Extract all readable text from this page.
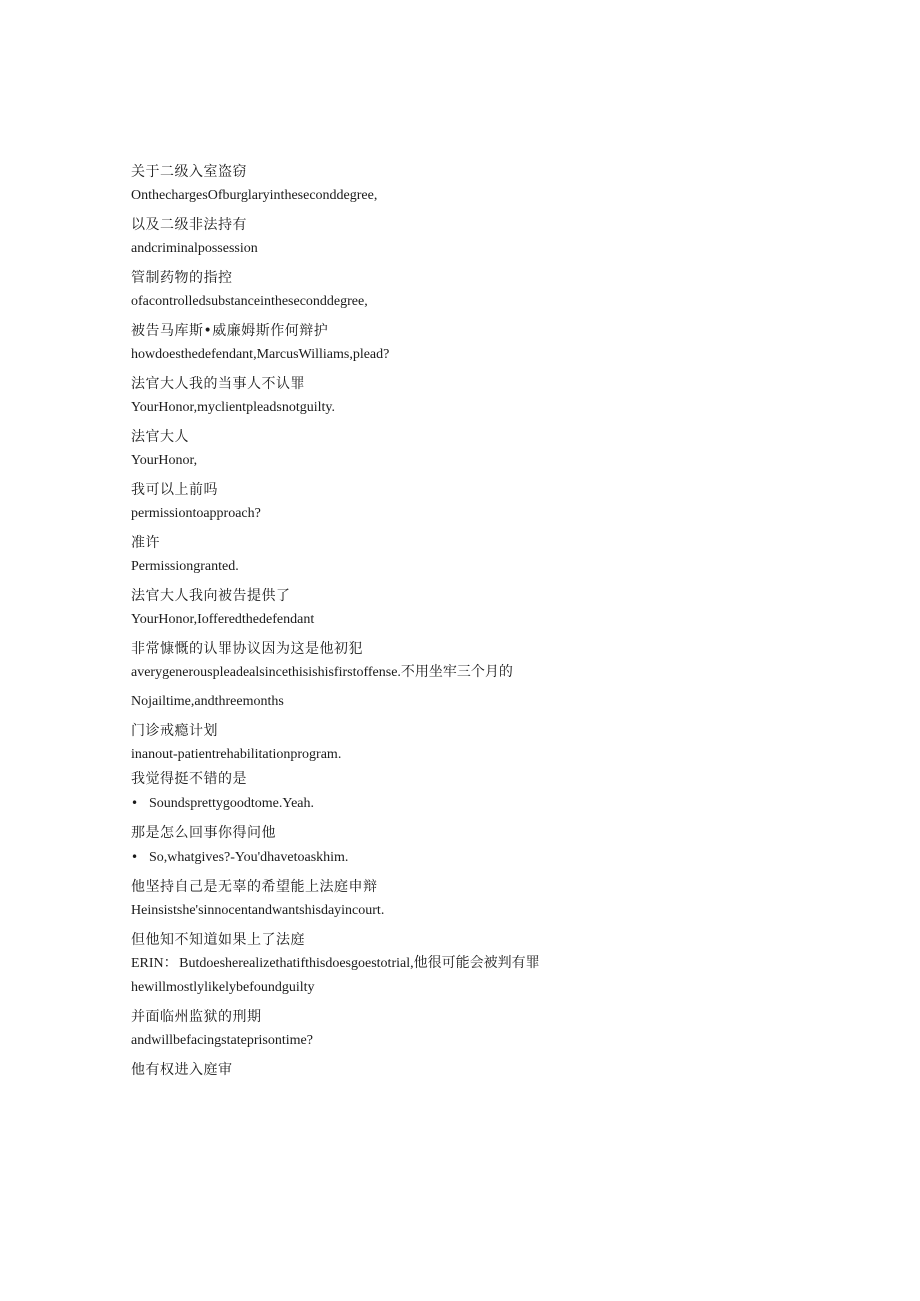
关于二级入室盗窃

OnthechargesOfburglaryintheseconddegree,

以及二级非法持有

andcriminalpossession

管制药物的指控

ofacontrolledsubstanceintheseconddegree,

被告马库斯•威廉姆斯作何辩护

howdoesthedefendant,MarcusWilliams,plead?

法官大人我的当事人不认罪

YourHonor,myclientpleadsnotguilty.

法官大人

YourHonor,

我可以上前吗

permissiontoapproach?

准许

Permissiongranted.

法官大人我向被告提供了

YourHonor,Iofferedthedefendant

非常慷慨的认罪协议因为这是他初犯

averygenerouspleadealsincethisishisfirstoffense.不用坐牢三个月的

Nojailtime,andthreemonths

门诊戒瘾计划

inanout-patientrehabilitationprogram.

我觉得挺不错的是

• Soundsprettygoodtome.Yeah.

那是怎么回事你得问他

• So,whatgives?-You'dhavetoaskhim.

他坚持自己是无辜的希望能上法庭申辩

Heinsistshe'sinnocentandwantshisdayincourt.

但他知不知道如果上了法庭

ERIN： Butdoesherealizethatifthisdoesgoestotrial,他很可能会被判有罪

hewillmostlylikelybefoundguilty

并面临州监狱的刑期

andwillbefacingstateprisontime?

他有权进入庭审
